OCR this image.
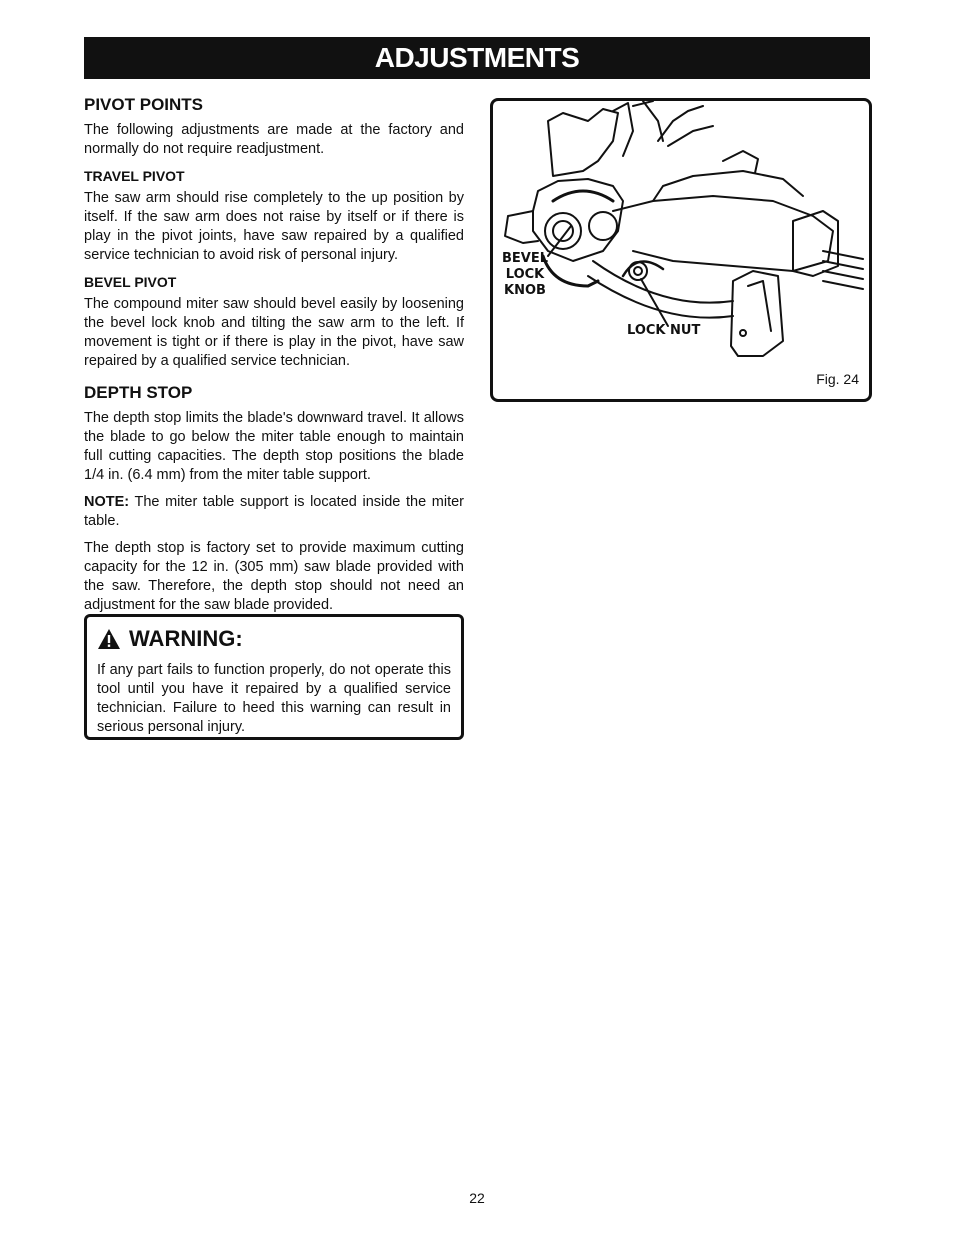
ADJUSTMENTS
PIVOT POINTS

The following adjustments are made at the factory and normally do not require readjustment.

TRAVEL PIVOT

The saw arm should rise completely to the up position by itself. If the saw arm does not raise by itself or if there is play in the pivot joints, have saw repaired by a qualified service technician to avoid risk of personal injury.

BEVEL PIVOT

The compound miter saw should bevel easily by loosening the bevel lock knob and tilting the saw arm to the left. If movement is tight or if there is play in the pivot, have saw repaired by a qualified service technician.

DEPTH STOP

The depth stop limits the blade's downward travel. It allows the blade to go below the miter table enough to maintain full cutting capacities. The depth stop positions the blade 1/4 in. (6.4 mm) from the miter table support.

NOTE: The miter table support is located inside the miter table.

The depth stop is factory set to provide maximum cutting capacity for the 12 in. (305 mm) saw blade provided with the saw. Therefore, the depth stop should not need an adjustment for the saw blade provided.

WARNING:
If any part fails to function properly, do not operate this tool until you have it repaired by a qualified service technician. Failure to heed this warning can result in serious personal injury.
BEVEL
LOCK
KNOB
LOCK NUT
Fig. 24
22
